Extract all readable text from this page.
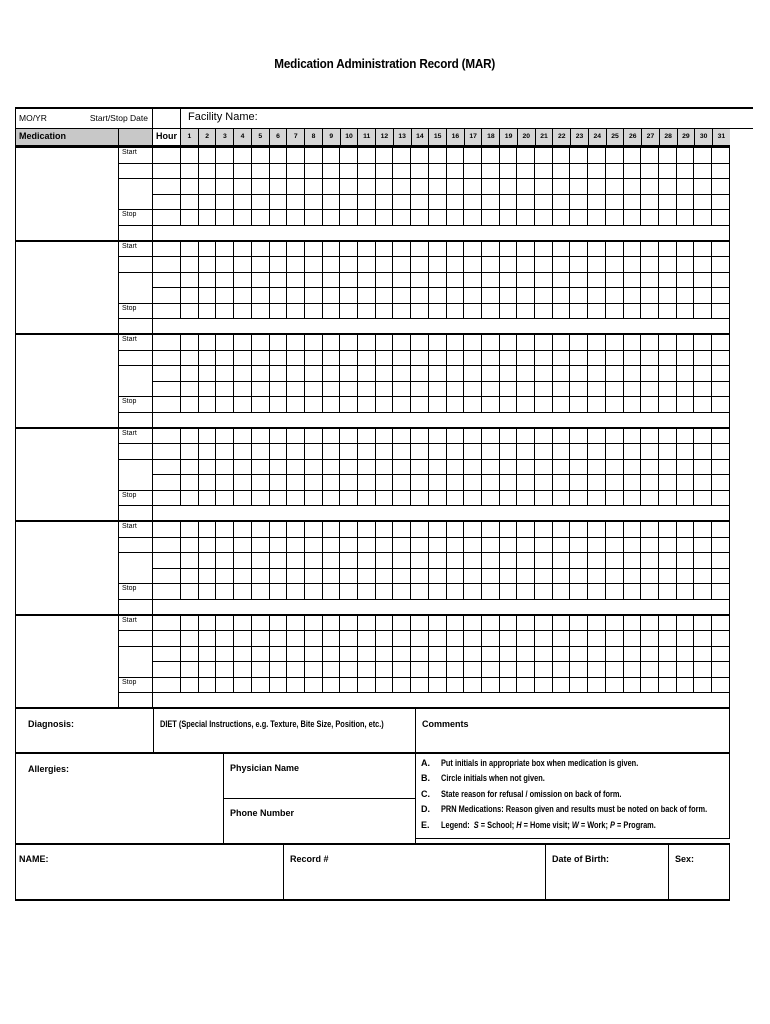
Medication Administration Record (MAR)
MO/YR	Start/Stop Date	Facility Name:
Medication	Hour	1	2	3	4	5	6	7	8	9	10	11	12	13	14	15	16	17	18	19	20	21	22	23	24	25	26	27	28	29	30	31
Start
Stop
Start
Stop
Start
Stop
Start
Stop
Start
Stop
Start
Stop
Diagnosis:	DIET (Special Instructions, e.g. Texture, Bite Size, Position, etc.)	Comments
Allergies:	Physician Name
Phone Number
A.	Put initials in appropriate box when medication is given.
B.	Circle initials when not given.
C.	State reason for refusal / omission on back of form.
D.	PRN Medications: Reason given and results must be noted on back of form.
E.	Legend:  S = School; H = Home visit; W = Work; P = Program.
NAME:	Record #	Date of Birth:	Sex:
